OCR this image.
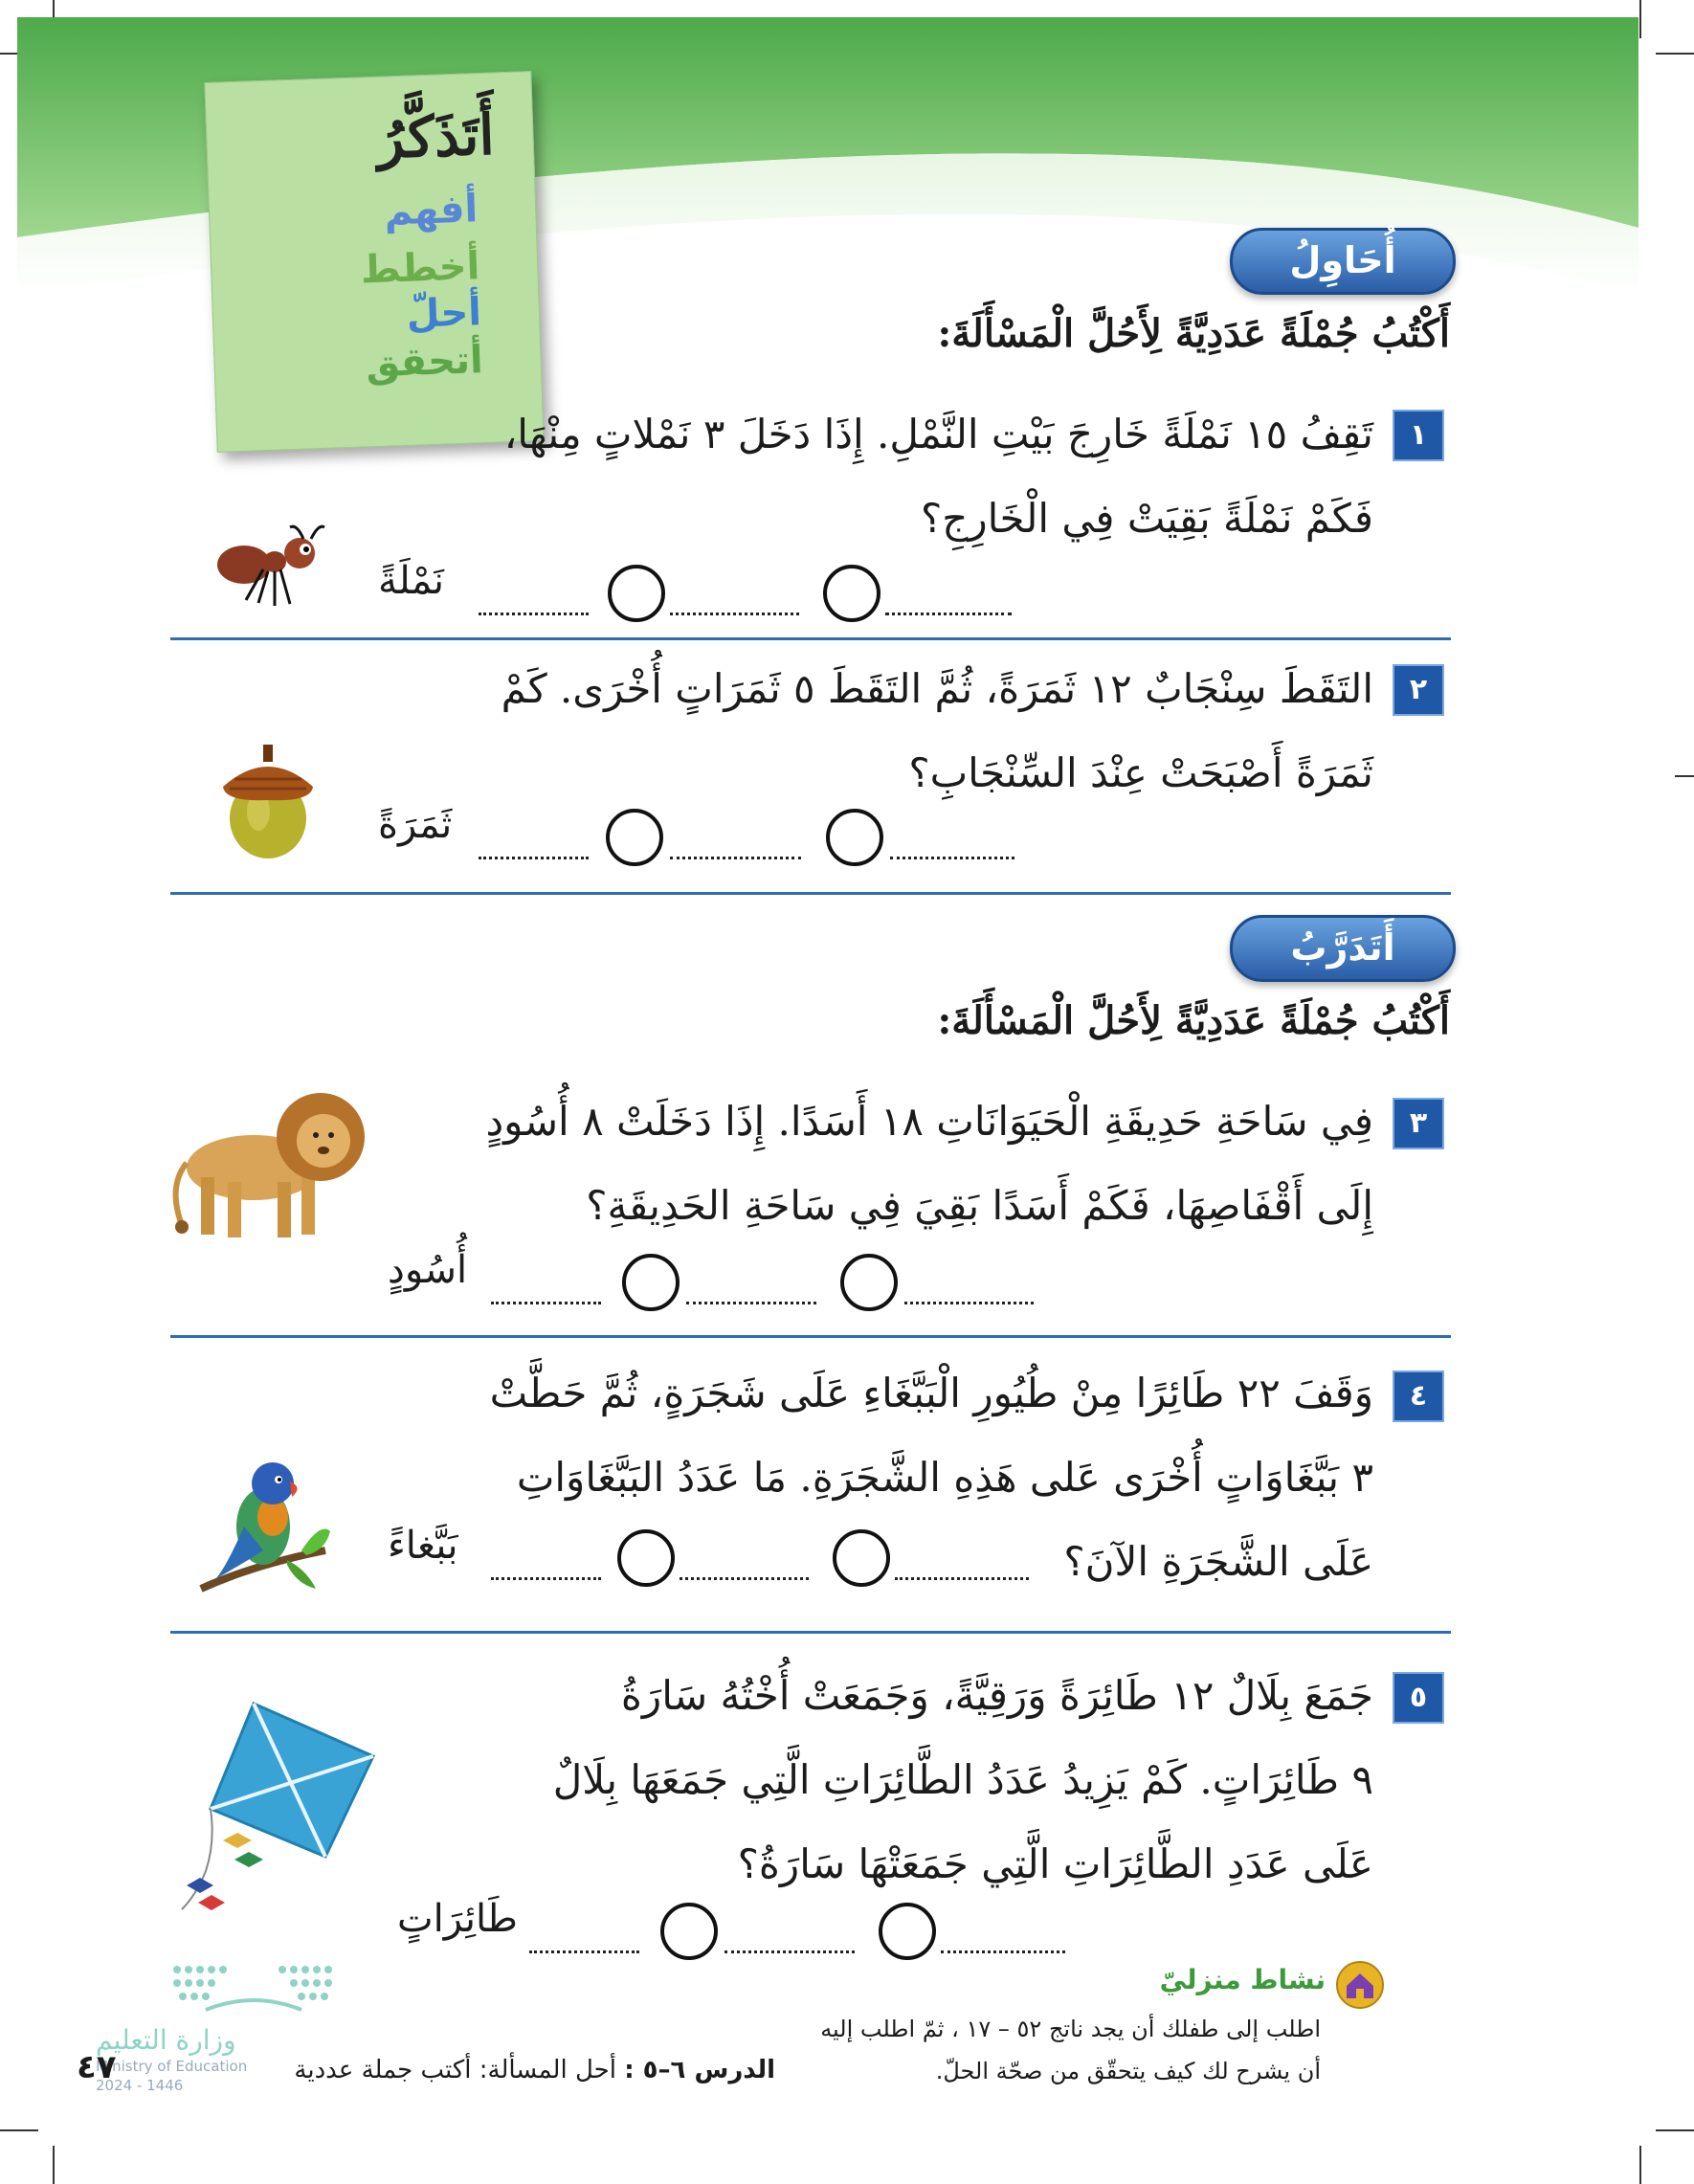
أَتَذَكَّرُ
أفهم
أخطط
أحلّ
أتحقق
أُحَاوِلُ
أَكْتُبُ جُمْلَةً عَدَدِيَّةً لِأَحُلَّ الْمَسْأَلَةَ:
١
تَقِفُ ١٥ نَمْلَةً خَارِجَ بَيْتِ النَّمْلِ. إِذَا دَخَلَ ٣ نَمْلاتٍ مِنْهَا،
فَكَمْ نَمْلَةً بَقِيَتْ فِي الْخَارِجِ؟
نَمْلَةً
٢
التَقَطَ سِنْجَابٌ ١٢ ثَمَرَةً، ثُمَّ التَقَطَ ٥ ثَمَرَاتٍ أُخْرَى. كَمْ
ثَمَرَةً أَصْبَحَتْ عِنْدَ السِّنْجَابِ؟
ثَمَرَةً
أَتَدَرَّبُ
أَكْتُبُ جُمْلَةً عَدَدِيَّةً لِأَحُلَّ الْمَسْأَلَةَ:
٣
فِي سَاحَةِ حَدِيقَةِ الْحَيَوَانَاتِ ١٨ أَسَدًا. إِذَا دَخَلَتْ ٨ أُسُودٍ
إِلَى أَقْفَاصِهَا، فَكَمْ أَسَدًا بَقِيَ فِي سَاحَةِ الحَدِيقَةِ؟
أُسُودٍ
٤
وَقَفَ ٢٢ طَائِرًا مِنْ طُيُورِ الْبَبَّغَاءِ عَلَى شَجَرَةٍ، ثُمَّ حَطَّتْ
٣ بَبَّغَاوَاتٍ أُخْرَى عَلى هَذِهِ الشَّجَرَةِ. مَا عَدَدُ البَبَّغَاوَاتِ
عَلَى الشَّجَرَةِ الآنَ؟
بَبَّغاءً
٥
جَمَعَ بِلَالٌ ١٢ طَائِرَةً وَرَقِيَّةً، وَجَمَعَتْ أُخْتُهُ سَارَةُ
٩ طَائِرَاتٍ. كَمْ يَزِيدُ عَدَدُ الطَّائِرَاتِ الَّتِي جَمَعَهَا بِلَالٌ
عَلَى عَدَدِ الطَّائِرَاتِ الَّتِي جَمَعَتْهَا سَارَةُ؟
طَائِرَاتٍ
نشاط منزليّ
اطلب إلى طفلك أن يجد ناتج ٥٢ – ١٧ ، ثمّ اطلب إليه
أن يشرح لك كيف يتحقّق من صحّة الحلّ.
وزارة التعليم
Ministry of Education
2024 - 1446
٤٧	الدرس ٦–٥ : أحل المسألة: أكتب جملة عددية
